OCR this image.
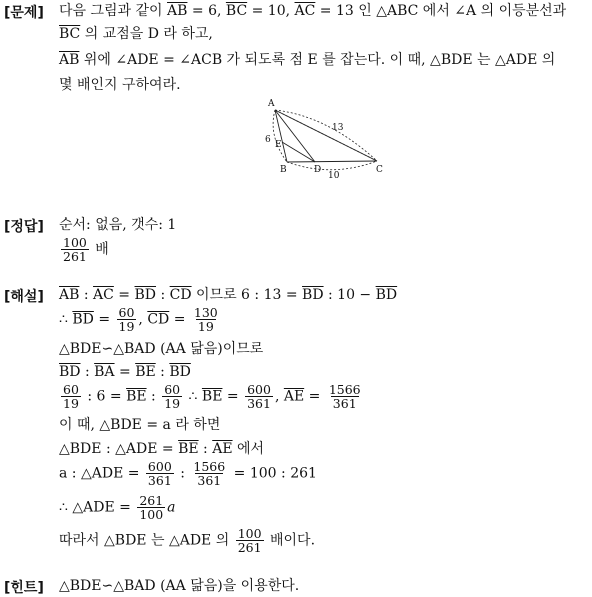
[문제] 다음 그림과 같이 $\overline{AB} = 6$, $\overline{BC} = 10$, $\overline{AC} = 13$ 인 △ABC 에서 ∠A 의 이등분선과
$\overline{BC}$ 의 교점을 D 라 하고,
$\overline{AB}$ 위에 ∠ADE = ∠ACB 가 되도록 점 E 를 잡는다. 이 때, △BDE 는 △ADE 의
몇 배인지 구하여라.
A
B	C
D
E
6
10
13
[정답] 순서: 없음, 갯수: 1
$\frac{100}{261}$ 배
[해설] $\overline{AB}$ : $\overline{AC} = \overline{BD}$ : $\overline{CD}$ 이므로 6 : $13 = \overline{BD}$ : $10 - \overline{BD}$
∴ $\overline{BD} = \frac{60}{19}$ , $\overline{CD} = \frac{130}{19}$
△BDE∽△BAD (AA 닮음)이므로
$\overline{BD}$ : $\overline{BA} = \overline{BE}$ : $\overline{BD}$
$\frac{60}{19}$ : $6 = \overline{BE}$ : $\frac{60}{19}$ ∴ $\overline{BE} = \frac{600}{361}$ , $\overline{AE} = \frac{1566}{361}$
이 때, △BDE = a 라 하면
△BDE : △ADE = $\overline{BE}$ : $\overline{AE}$ 에서
a : △ADE = $\frac{600}{361}$ : $\frac{1566}{361} = 100$ : 261
∴ △ADE = $\frac{261}{100}$ a
따라서 △BDE 는 △ADE 의 $\frac{100}{261}$ 배이다.
[힌트] △BDE∽△BAD (AA 닮음)을 이용한다.
